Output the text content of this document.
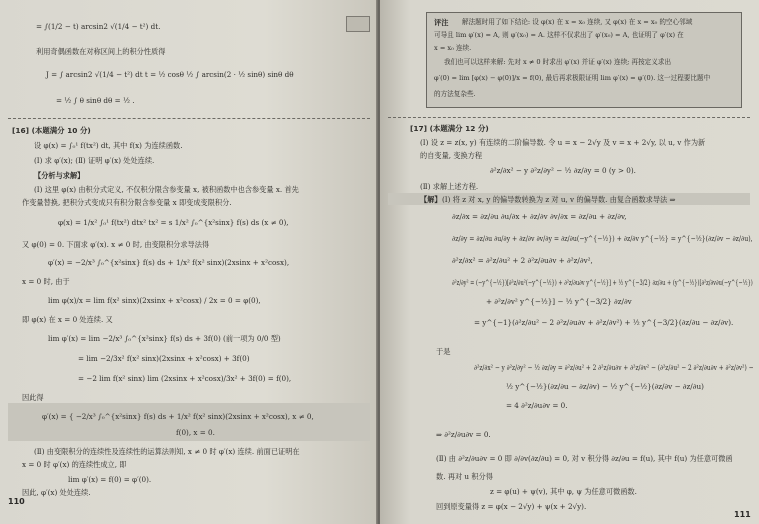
= ∫(1/2 − t) arcsin2 √(1/4 − t²) dt.
利用奇偶函数在对称区间上的积分性质得
J = ∫ arcsin2 √(1/4 − t²) dt t = ½ cosθ ½ ∫ arcsin(2 · ½ sinθ) sinθ dθ
= ½ ∫ θ sinθ dθ = ½ .
[16] (本题满分 10 分)
设 φ(x) = ∫₀¹ f(tx²) dt, 其中 f(x) 为连续函数.
(Ⅰ) 求 φ′(x); (Ⅱ) 证明 φ′(x) 处处连续.
【分析与求解】
(Ⅰ) 这里 φ(x) 由积分式定义, 不仅积分限含参变量 x, 被积函数中也含参变量 x. 首先
作变量替换, 把积分式变成只有积分限含参变量 x 即变成变限积分.
φ(x) = 1/x² ∫₀¹ f(tx²) dtx² tx² = s 1/x² ∫₀^{x²sinx} f(s) ds (x ≠ 0),
又 φ(0) = 0. 下面求 φ′(x). x ≠ 0 时, 由变限积分求导法得
φ′(x) = −2/x³ ∫₀^{x²sinx} f(s) ds + 1/x² f(x² sinx)(2xsinx + x²cosx),
x = 0 时, 由于
lim φ(x)/x = lim f(x² sinx)(2xsinx + x²cosx) / 2x = 0 = φ(0),
即 φ(x) 在 x = 0 处连续. 又
lim φ′(x) = lim −2/x³ ∫₀^{x²sinx} f(s) ds + 3f(0) (前一项为 0/0 型)
= lim −2/3x² f(x² sinx)(2xsinx + x²cosx) + 3f(0)
= −2 lim f(x² sinx) lim (2xsinx + x²cosx)/3x² + 3f(0) = f(0),
因此得
φ′(x) = { −2/x³ ∫₀^{x²sinx} f(s) ds + 1/x² f(x² sinx)(2xsinx + x²cosx), x ≠ 0,
f(0), x = 0.
(Ⅱ) 由变限积分的连续性及连续性的运算法则知, x ≠ 0 时 φ′(x) 连续. 前面已证明在
x = 0 时 φ′(x) 的连续性成立, 即
lim φ′(x) = f(0) = φ′(0).
因此, φ′(x) 处处连续.
110
评注 解法题时用了如下结论: 设 φ(x) 在 x = x₀ 连续, 又 φ(x) 在 x = x₀ 的空心邻域
可导且 lim φ′(x) = A, 则 φ′(x₀) = A. 这样不仅求出了 φ′(x₀) = A, 也证明了 φ′(x) 在
x = x₀ 连续.
我们也可以这样来解: 先对 x ≠ 0 时求出 φ′(x) 并证 φ′(x) 连续; 再按定义求出
φ′(0) = lim [φ(x) − φ(0)]/x = f(0), 最后再求极限证明 lim φ′(x) = φ′(0). 这一过程要比题中
的方法复杂些.
[17] (本题满分 12 分)
(Ⅰ) 设 z = z(x, y) 有连续的二阶偏导数. 令 u = x − 2√y 及 v = x + 2√y, 以 u, v 作为新
的自变量, 变换方程
∂²z/∂x² − y ∂²z/∂y² − ½ ∂z/∂y = 0 (y > 0).
(Ⅱ) 求解上述方程.
【解】 (Ⅰ) 将 z 对 x, y 的偏导数转换为 z 对 u, v 的偏导数. 由复合函数求导法 ⇒
∂z/∂x = ∂z/∂u ∂u/∂x + ∂z/∂v ∂v/∂x = ∂z/∂u + ∂z/∂v,
∂z/∂y = ∂z/∂u ∂u/∂y + ∂z/∂v ∂v/∂y = ∂z/∂u(−y^{−½}) + ∂z/∂v y^{−½} = y^{−½}(∂z/∂v − ∂z/∂u),
∂²z/∂x² = ∂²z/∂u² + 2 ∂²z/∂u∂v + ∂²z/∂v²,
∂²z/∂y² = (−y^{−½})[∂²z/∂u²(−y^{−½}) + ∂²z/∂u∂v y^{−½}] + ½ y^{−3/2} ∂z/∂u + (y^{−½})[∂²z/∂v∂u(−y^{−½})
+ ∂²z/∂v² y^{−½}] − ½ y^{−3/2} ∂z/∂v
= y^{−1}(∂²z/∂u² − 2 ∂²z/∂u∂v + ∂²z/∂v²) + ½ y^{−3/2}(∂z/∂u − ∂z/∂v).
于是
∂²z/∂x² − y ∂²z/∂y² − ½ ∂z/∂y = ∂²z/∂u² + 2 ∂²z/∂u∂v + ∂²z/∂v² − (∂²z/∂u² − 2 ∂²z/∂u∂v + ∂²z/∂v²) −
½ y^{−½}(∂z/∂u − ∂z/∂v) − ½ y^{−½}(∂z/∂v − ∂z/∂u)
= 4 ∂²z/∂u∂v = 0.
⇒ ∂²z/∂u∂v = 0.
(Ⅱ) 由 ∂²z/∂u∂v = 0 即 ∂/∂v(∂z/∂u) = 0, 对 v 积分得 ∂z/∂u = f(u), 其中 f(u) 为任意可微函
数. 再对 u 积分得
z = φ(u) + ψ(v), 其中 φ, ψ 为任意可微函数.
回到原变量得 z = φ(x − 2√y) + ψ(x + 2√y).
111
